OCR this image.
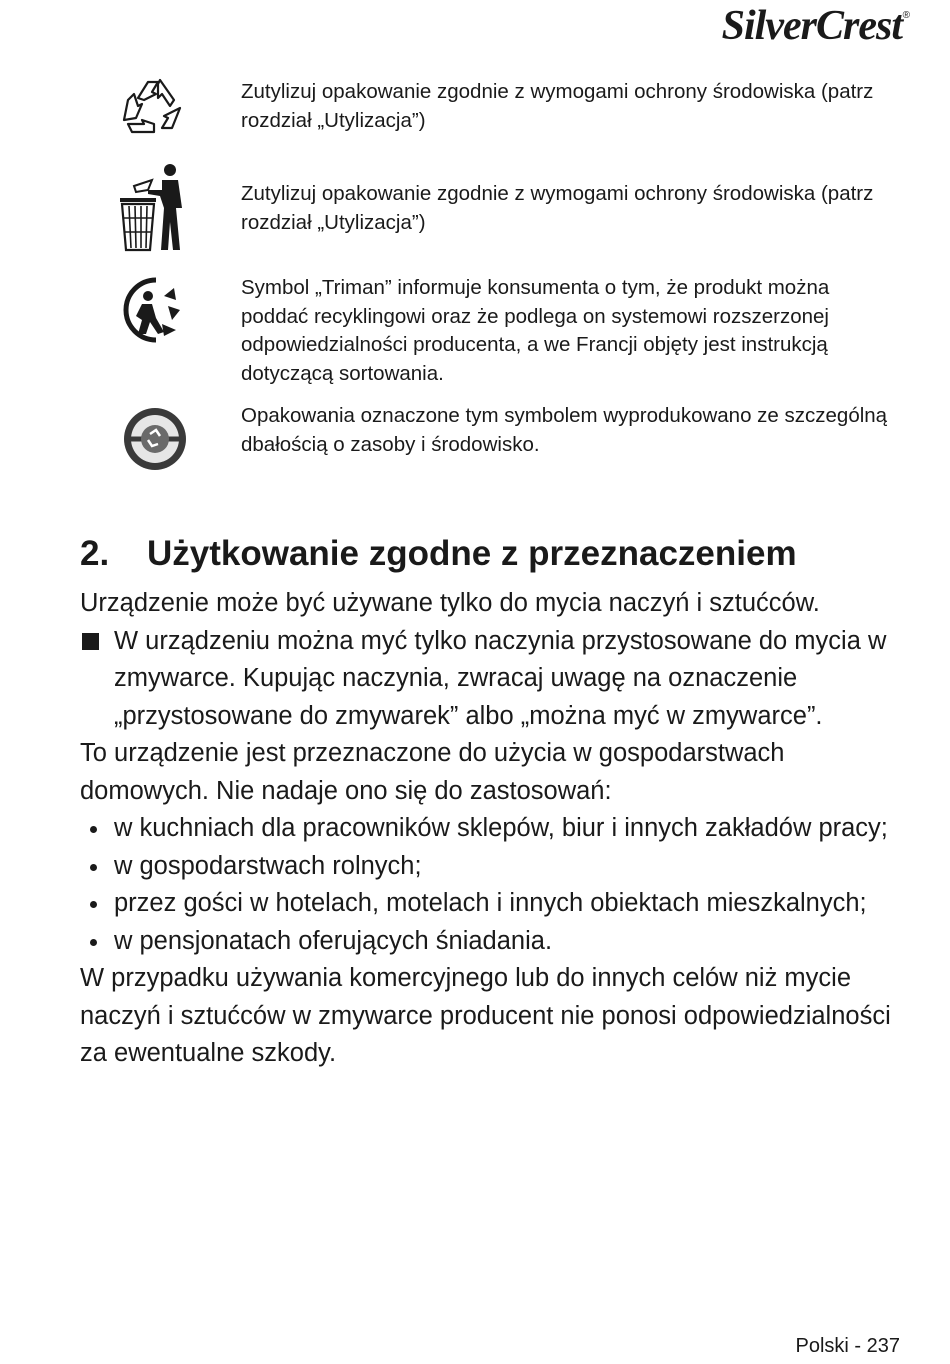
SilverCrest ®
Zutylizuj opakowanie zgodnie z wymogami ochrony środowiska (patrz rozdział „Utylizacja”)
Zutylizuj opakowanie zgodnie z wymogami ochrony środowiska (patrz rozdział „Utylizacja”)
Symbol „Triman” informuje konsumenta o tym, że produkt można poddać recyklingowi oraz że podlega on systemowi rozszerzonej odpowiedzialności producenta, a we Francji objęty jest instrukcją dotyczącą sortowania.
Opakowania oznaczone tym symbolem wyprodukowano ze szczególną dbałością o zasoby i środowisko.
2. Użytkowanie zgodne z przeznaczeniem

Urządzenie może być używane tylko do mycia naczyń i sztućców.

W urządzeniu można myć tylko naczynia przystosowane do mycia w zmywarce. Kupując naczynia, zwracaj uwagę na oznaczenie „przystosowane do zmywarek” albo „można myć w zmywarce”.

To urządzenie jest przeznaczone do użycia w gospodarstwach domowych. Nie nadaje ono się do zastosowań:

w kuchniach dla pracowników sklepów, biur i innych zakładów pracy;
w gospodarstwach rolnych;
przez gości w hotelach, motelach i innych obiektach mieszkalnych;
w pensjonatach oferujących śniadania.

W przypadku używania komercyjnego lub do innych celów niż mycie naczyń i sztućców w zmywarce producent nie ponosi odpowiedzialności za ewentualne szkody.

Polski - 237
